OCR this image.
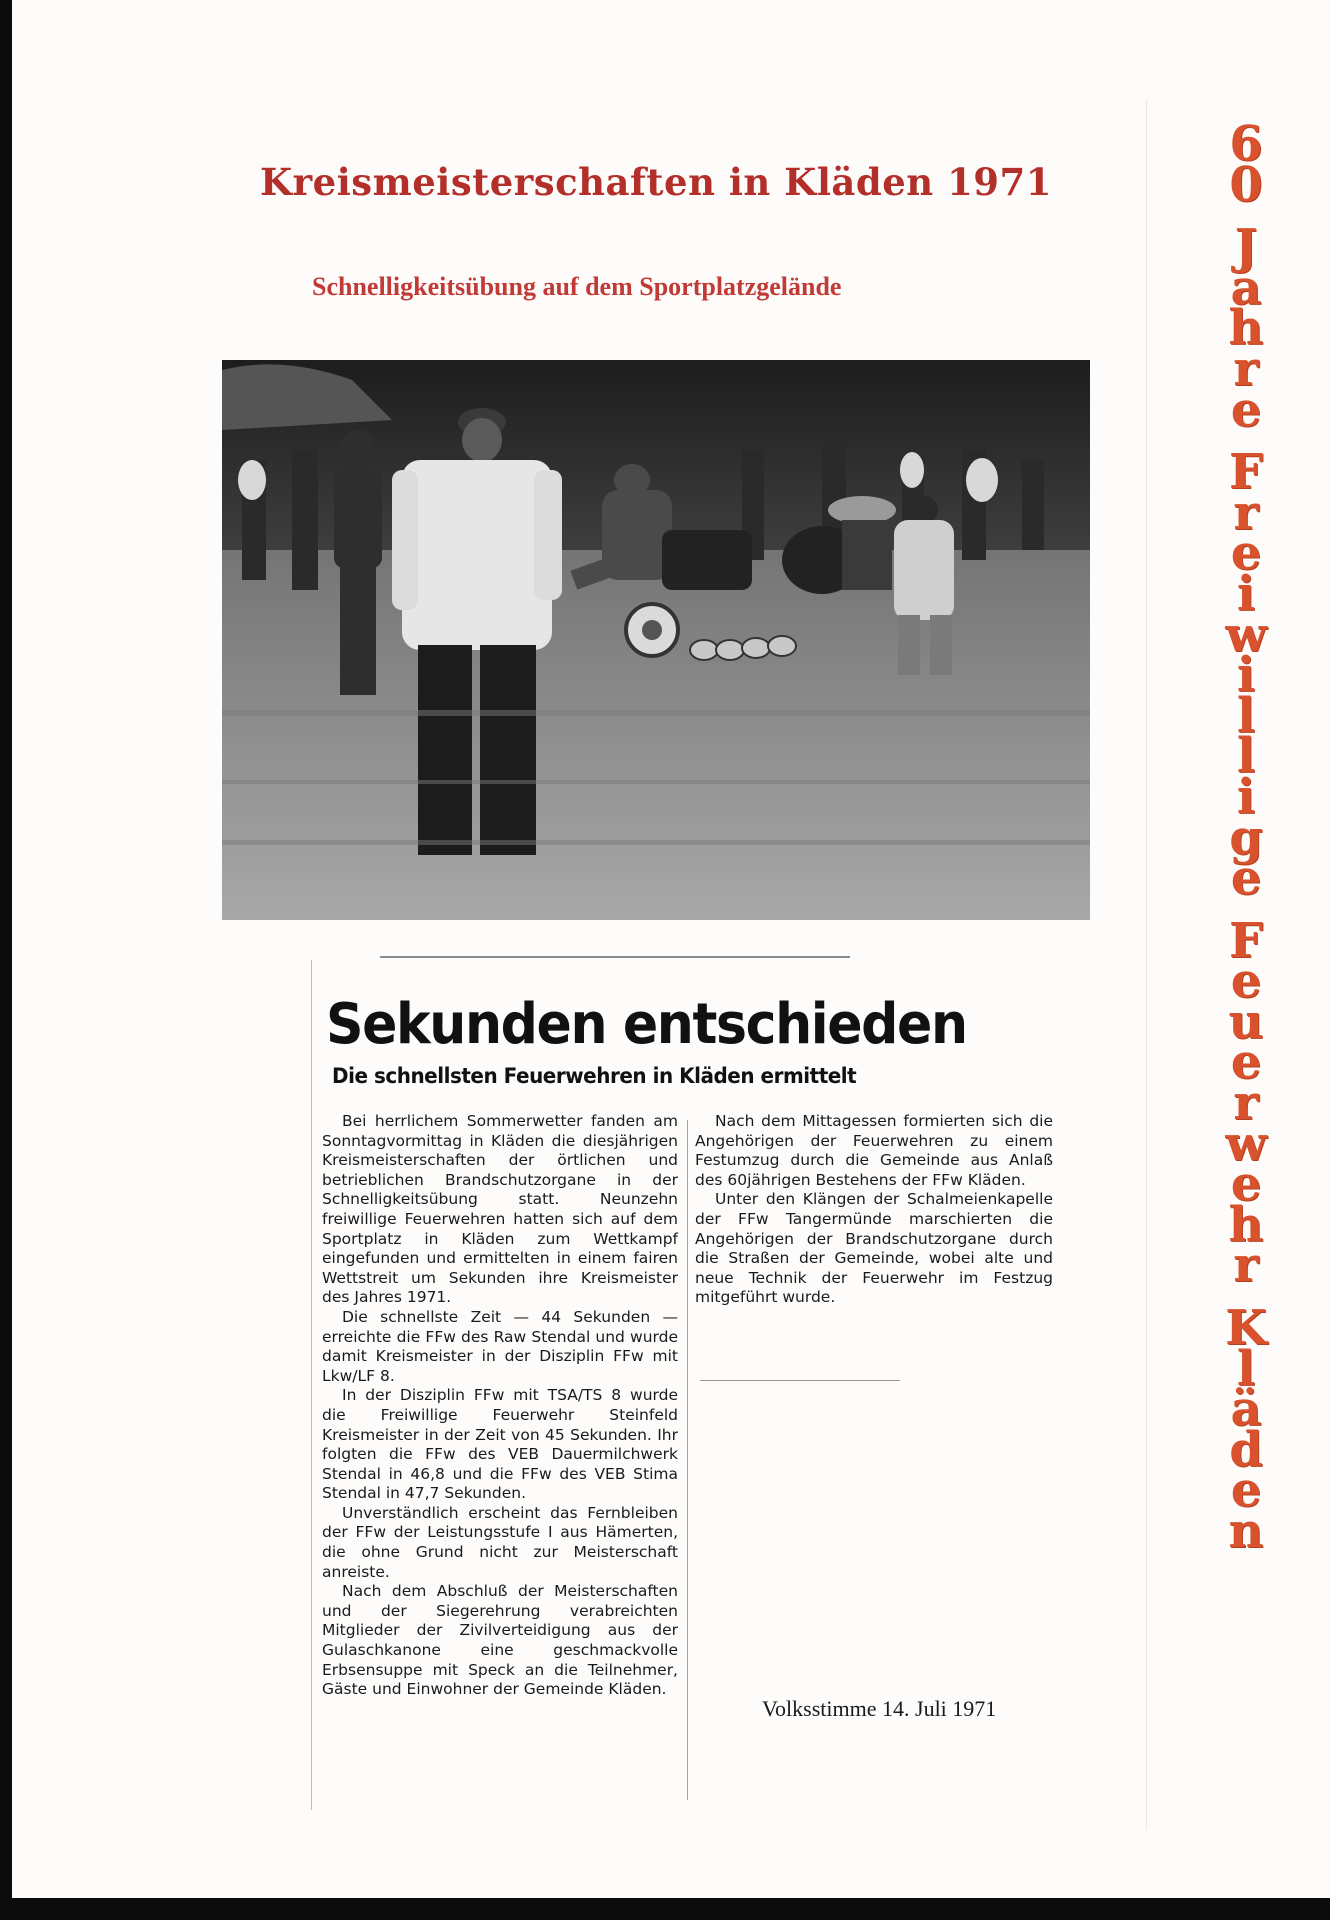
Kreismeisterschaften in Kläden 1971
Schnelligkeitsübung auf dem Sportplatzgelände
Sekunden entschieden
Die schnellsten Feuerwehren in Kläden ermittelt

Bei herrlichem Sommerwetter fanden am Sonntagvormittag in Kläden die diesjährigen Kreismeisterschaften der örtlichen und betrieblichen Brandschutzorgane in der Schnelligkeitsübung statt. Neunzehn freiwillige Feuerwehren hatten sich auf dem Sportplatz in Kläden zum Wettkampf eingefunden und ermittelten in einem fairen Wettstreit um Sekunden ihre Kreismeister des Jahres 1971.

Die schnellste Zeit — 44 Sekunden — erreichte die FFw des Raw Stendal und wurde damit Kreismeister in der Disziplin FFw mit Lkw/LF 8.

In der Disziplin FFw mit TSA/TS 8 wurde die Freiwillige Feuerwehr Steinfeld Kreismeister in der Zeit von 45 Sekunden. Ihr folgten die FFw des VEB Dauermilchwerk Stendal in 46,8 und die FFw des VEB Stima Stendal in 47,7 Sekunden.

Unverständlich erscheint das Fernbleiben der FFw der Leistungsstufe I aus Hämerten, die ohne Grund nicht zur Meisterschaft anreiste.

Nach dem Abschluß der Meisterschaften und der Siegerehrung verabreichten Mitglieder der Zivilverteidigung aus der Gulaschkanone eine geschmackvolle Erbsensuppe mit Speck an die Teilnehmer, Gäste und Einwohner der Gemeinde Kläden.

Nach dem Mittagessen formierten sich die Angehörigen der Feuerwehren zu einem Festumzug durch die Gemeinde aus Anlaß des 60jährigen Bestehens der FFw Kläden.

Unter den Klängen der Schalmeienkapelle der FFw Tangermünde marschierten die Angehörigen der Brandschutzorgane durch die Straßen der Gemeinde, wobei alte und neue Technik der Feuerwehr im Festzug mitgeführt wurde.

Volksstimme 14. Juli 1971
6
0
J
a
h
r
e
F
r
e
i
w
i
l
l
i
g
e
F
e
u
e
r
w
e
h
r
K
l
ä
d
e
n
